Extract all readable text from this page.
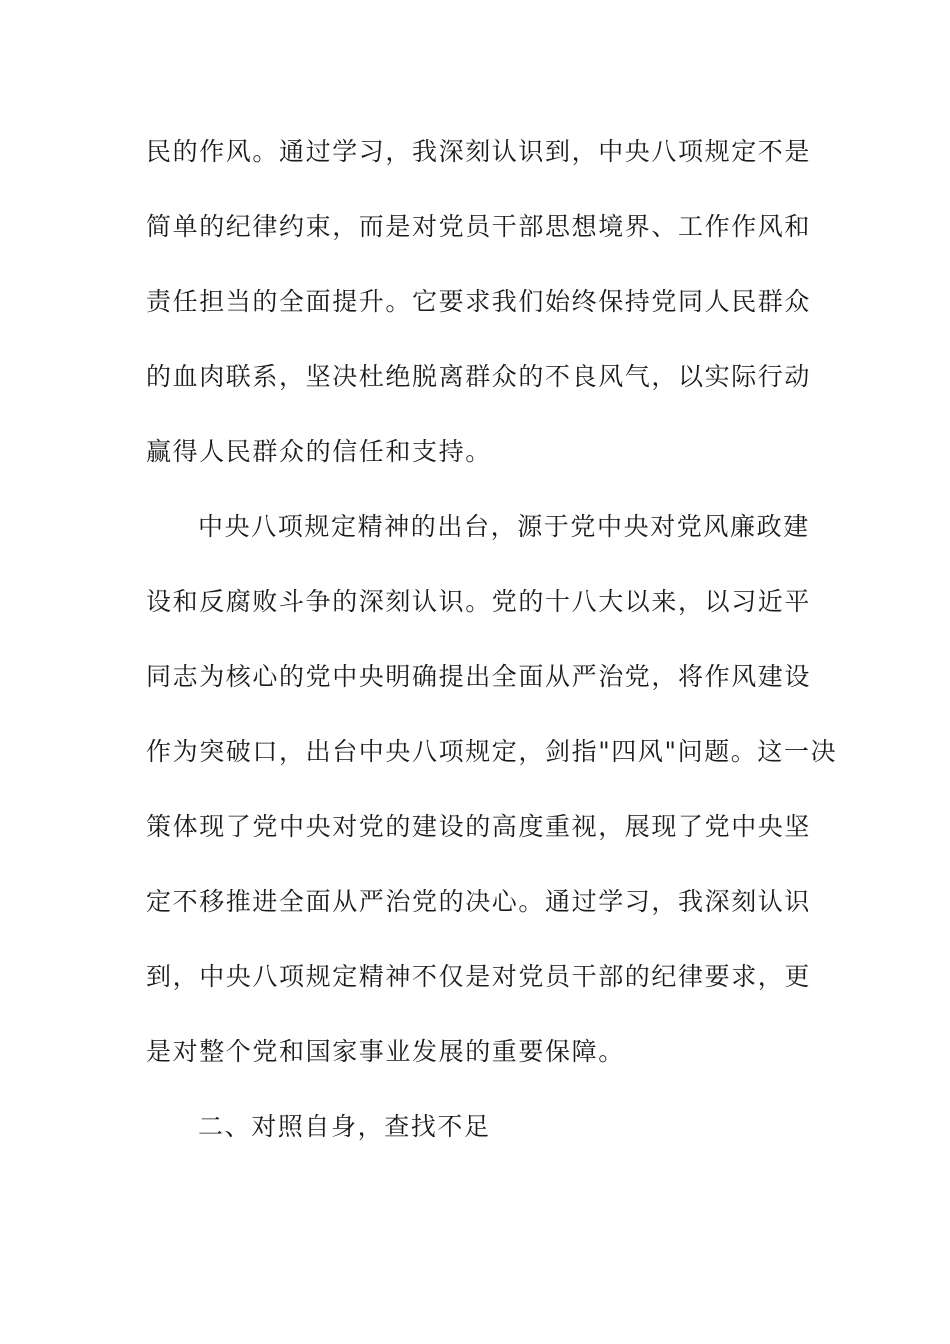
民的作风。通过学习，我深刻认识到，中央八项规定不是

简单的纪律约束，而是对党员干部思想境界、工作作风和

责任担当的全面提升。它要求我们始终保持党同人民群众

的血肉联系，坚决杜绝脱离群众的不良风气，以实际行动

赢得人民群众的信任和支持。

中央八项规定精神的出台，源于党中央对党风廉政建

设和反腐败斗争的深刻认识。党的十八大以来，以习近平

同志为核心的党中央明确提出全面从严治党，将作风建设

作为突破口，出台中央八项规定，剑指"四风"问题。这一决

策体现了党中央对党的建设的高度重视，展现了党中央坚

定不移推进全面从严治党的决心。通过学习，我深刻认识

到，中央八项规定精神不仅是对党员干部的纪律要求，更

是对整个党和国家事业发展的重要保障。

二、对照自身，查找不足
